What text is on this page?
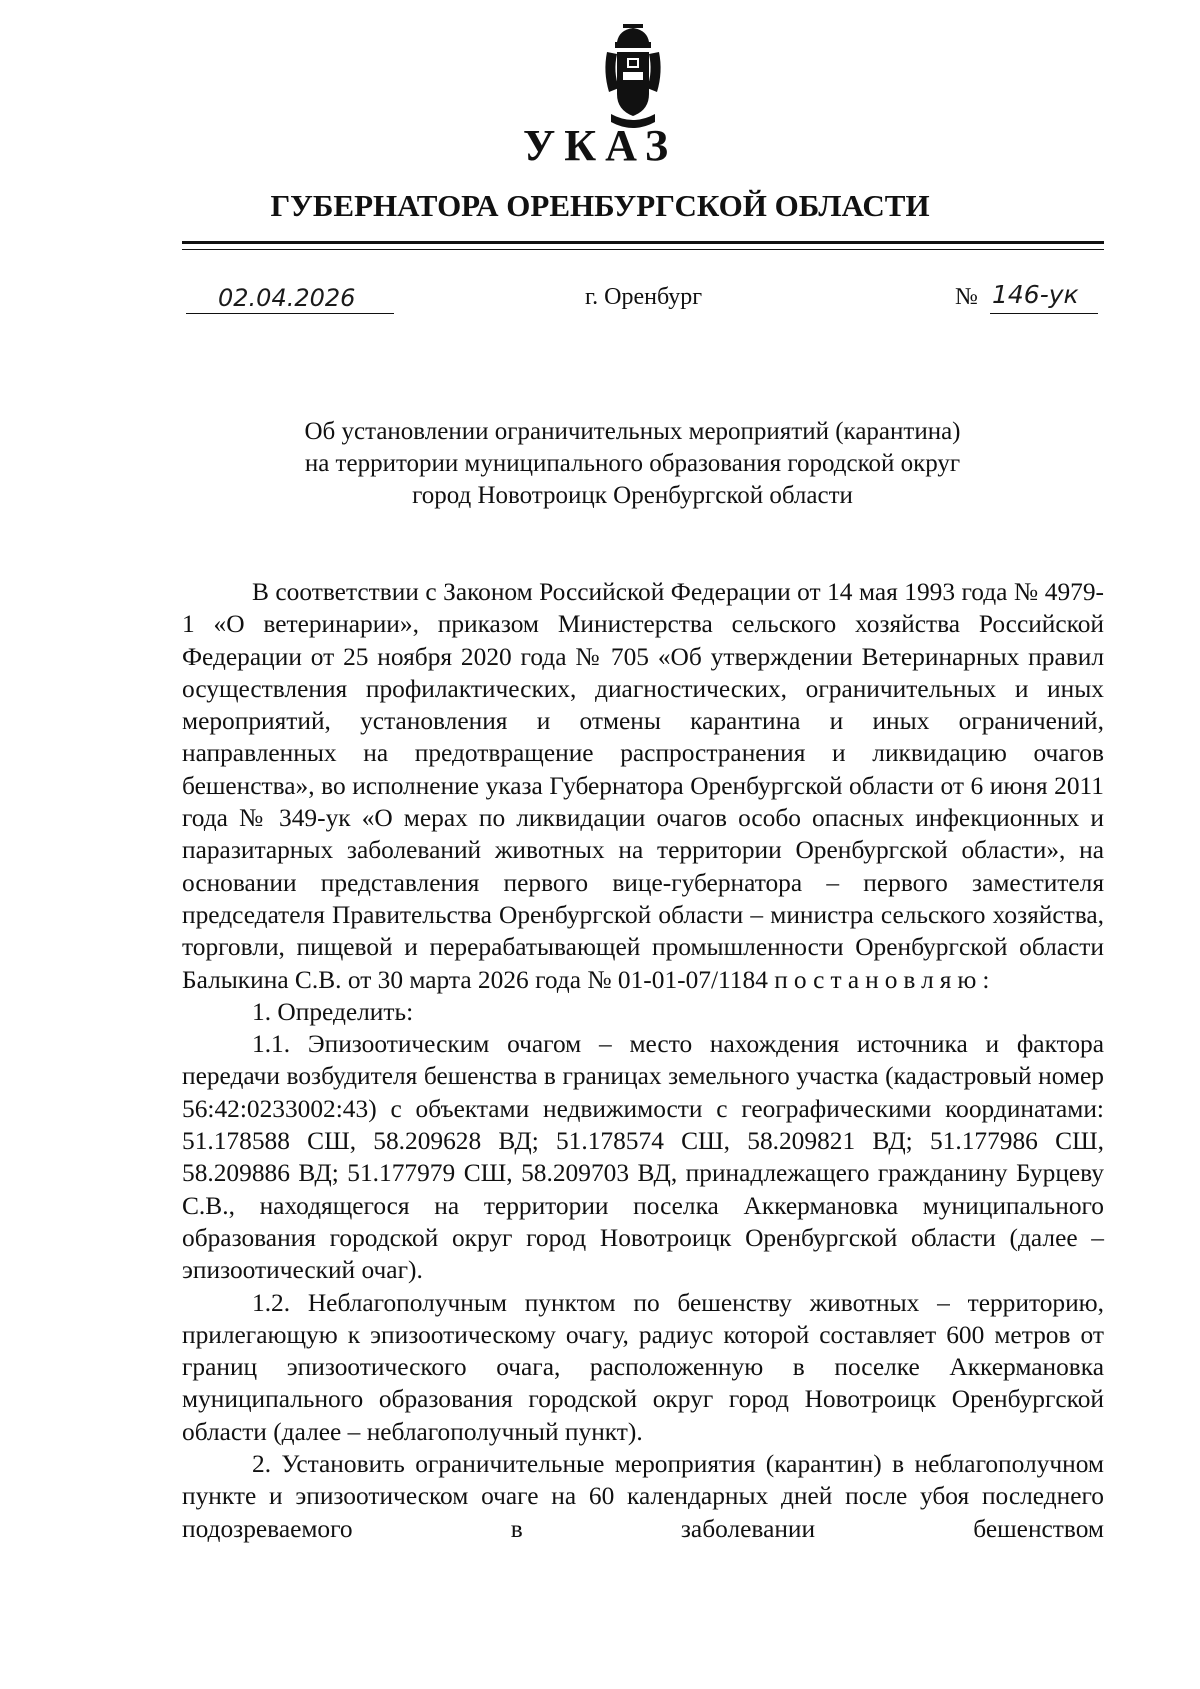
УКАЗ
ГУБЕРНАТОРА ОРЕНБУРГСКОЙ ОБЛАСТИ
02.04.2026	г. Оренбург	№ 146-ук
Об установлении ограничительных мероприятий (карантина)
на территории муниципального образования городской округ
город Новотроицк Оренбургской области

В соответствии с Законом Российской Федерации от 14 мая 1993 года № 4979-1 «О ветеринарии», приказом Министерства сельского хозяйства Российской Федерации от 25 ноября 2020 года № 705 «Об утверждении Ветеринарных правил осуществления профилактических, диагностических, ограничительных и иных мероприятий, установления и отмены карантина и иных ограничений, направленных на предотвращение распространения и ликвидацию очагов бешенства», во исполнение указа Губернатора Оренбургской области от 6 июня 2011 года № 349-ук «О мерах по ликвидации очагов особо опасных инфекционных и паразитарных заболеваний животных на территории Оренбургской области», на основании представления первого вице-губернатора – первого заместителя председателя Правительства Оренбургской области – министра сельского хозяйства, торговли, пищевой и перерабатывающей промышленности Оренбургской области Балыкина С.В. от 30 марта 2026 года № 01-01-07/1184 постановляю:

1. Определить:

1.1. Эпизоотическим очагом – место нахождения источника и фактора передачи возбудителя бешенства в границах земельного участка (кадастровый номер 56:42:0233002:43) с объектами недвижимости с географическими координатами: 51.178588 СШ, 58.209628 ВД; 51.178574 СШ, 58.209821 ВД; 51.177986 СШ, 58.209886 ВД; 51.177979 СШ, 58.209703 ВД, принадлежащего гражданину Бурцеву С.В., находящегося на территории поселка Аккермановка муниципального образования городской округ город Новотроицк Оренбургской области (далее – эпизоотический очаг).

1.2. Неблагополучным пунктом по бешенству животных – территорию, прилегающую к эпизоотическому очагу, радиус которой составляет 600 метров от границ эпизоотического очага, расположенную в поселке Аккермановка муниципального образования городской округ город Новотроицк Оренбургской области (далее – неблагополучный пункт).

2. Установить ограничительные мероприятия (карантин) в неблагополучном пункте и эпизоотическом очаге на 60 календарных дней после убоя последнего подозреваемого в заболевании бешенством
